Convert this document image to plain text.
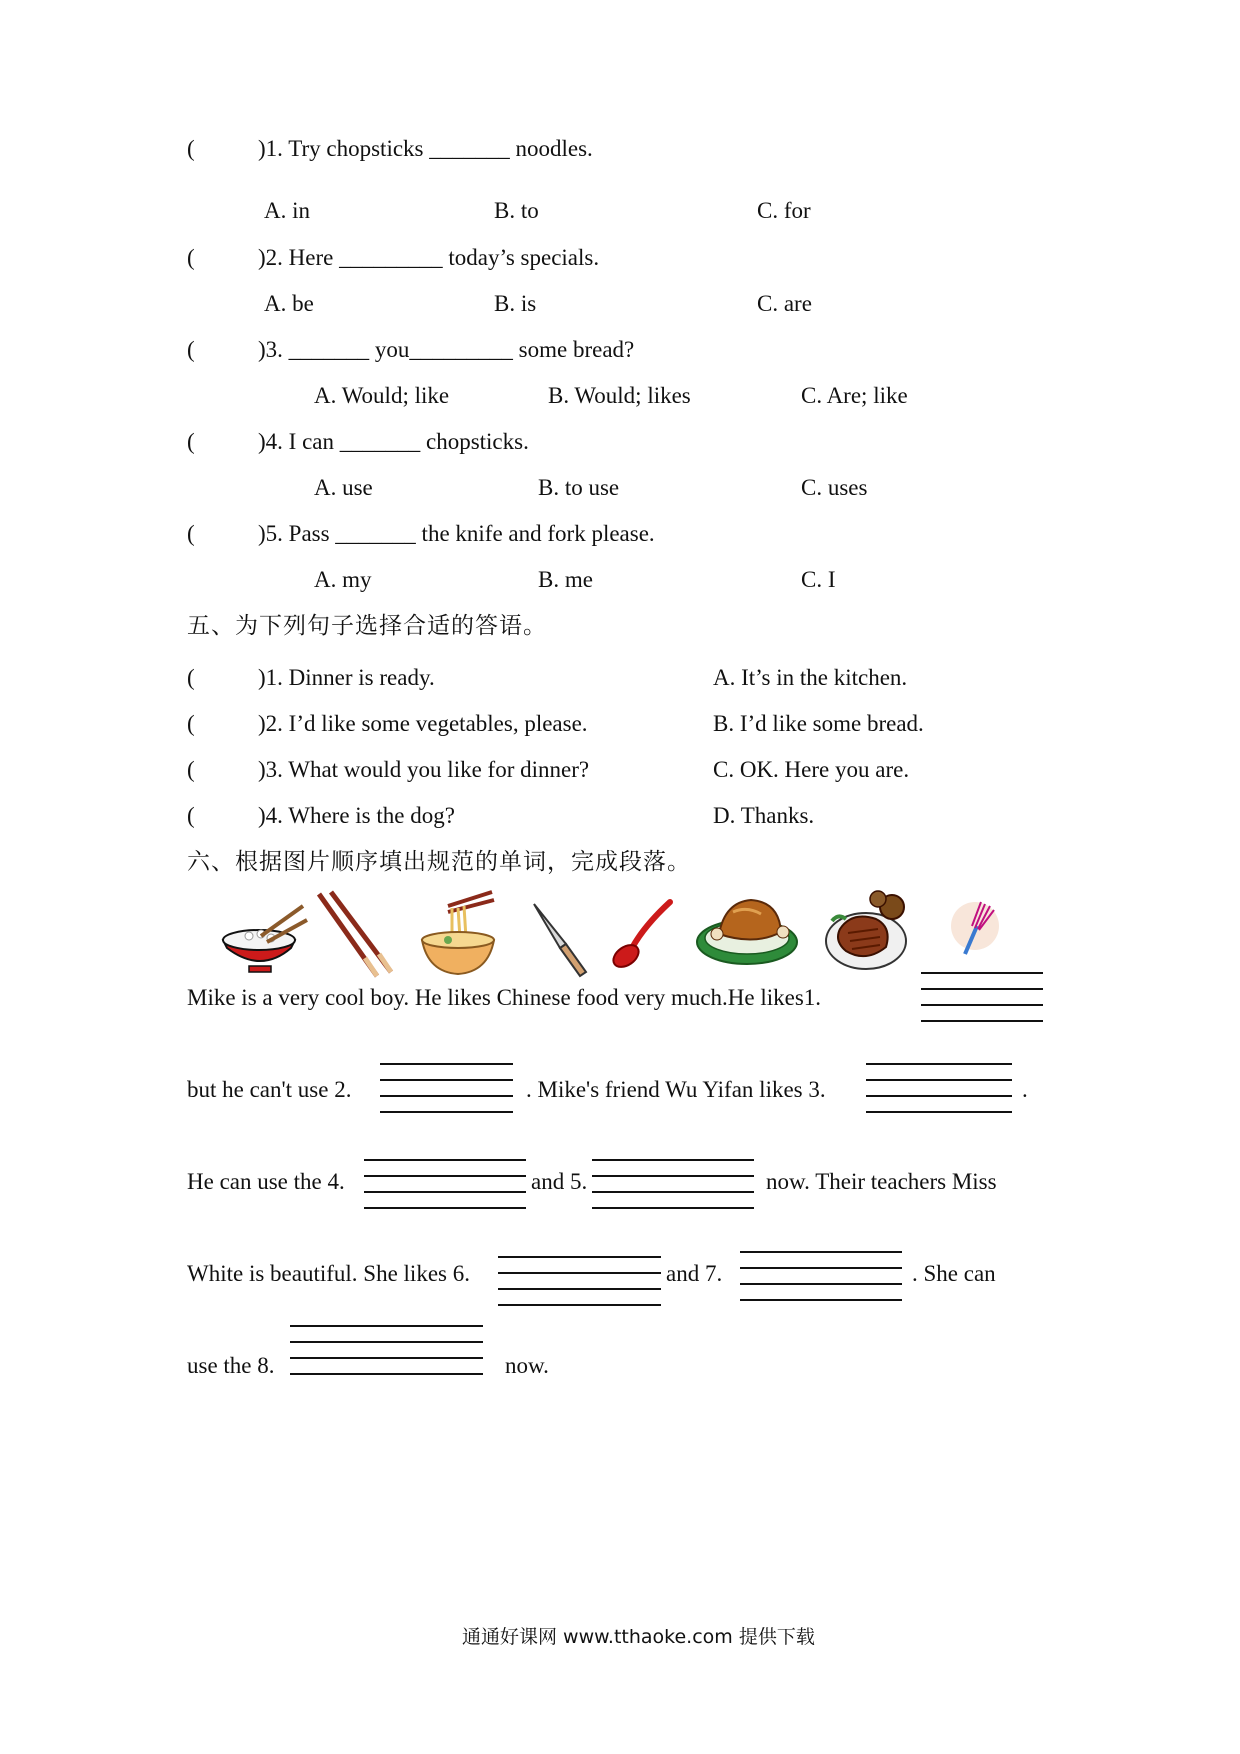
(	)1. Try chopsticks _______ noodles.
A. in	B. to	C. for
(	)2. Here _________ today’s specials.
A. be	B. is	C. are
(	)3. _______ you_________ some bread?
A. Would; like	B. Would; likes	C. Are; like
(	)4. I can _______ chopsticks.
A. use	B. to use	C. uses
(	)5. Pass _______ the knife and fork please.
A. my	B. me	C. I
五、为下列句子选择合适的答语。
(	)1. Dinner is ready.	A. It’s in the kitchen.
(	)2. I’d like some vegetables, please.	B. I’d like some bread.
(	)3. What would you like for dinner?	C. OK. Here you are.
(	)4. Where is the dog?	D. Thanks.
六、根据图片顺序填出规范的单词，完成段落。
Mike is a very cool boy. He likes Chinese food very much.He likes1.
but he can't use 2.	. Mike's friend Wu Yifan likes 3.	.
He can use the 4.	and 5.	now. Their teachers Miss
White is beautiful. She likes 6.	and 7.	. She can
use the 8.	now.
通通好课网 www.tthaoke.com 提供下载
